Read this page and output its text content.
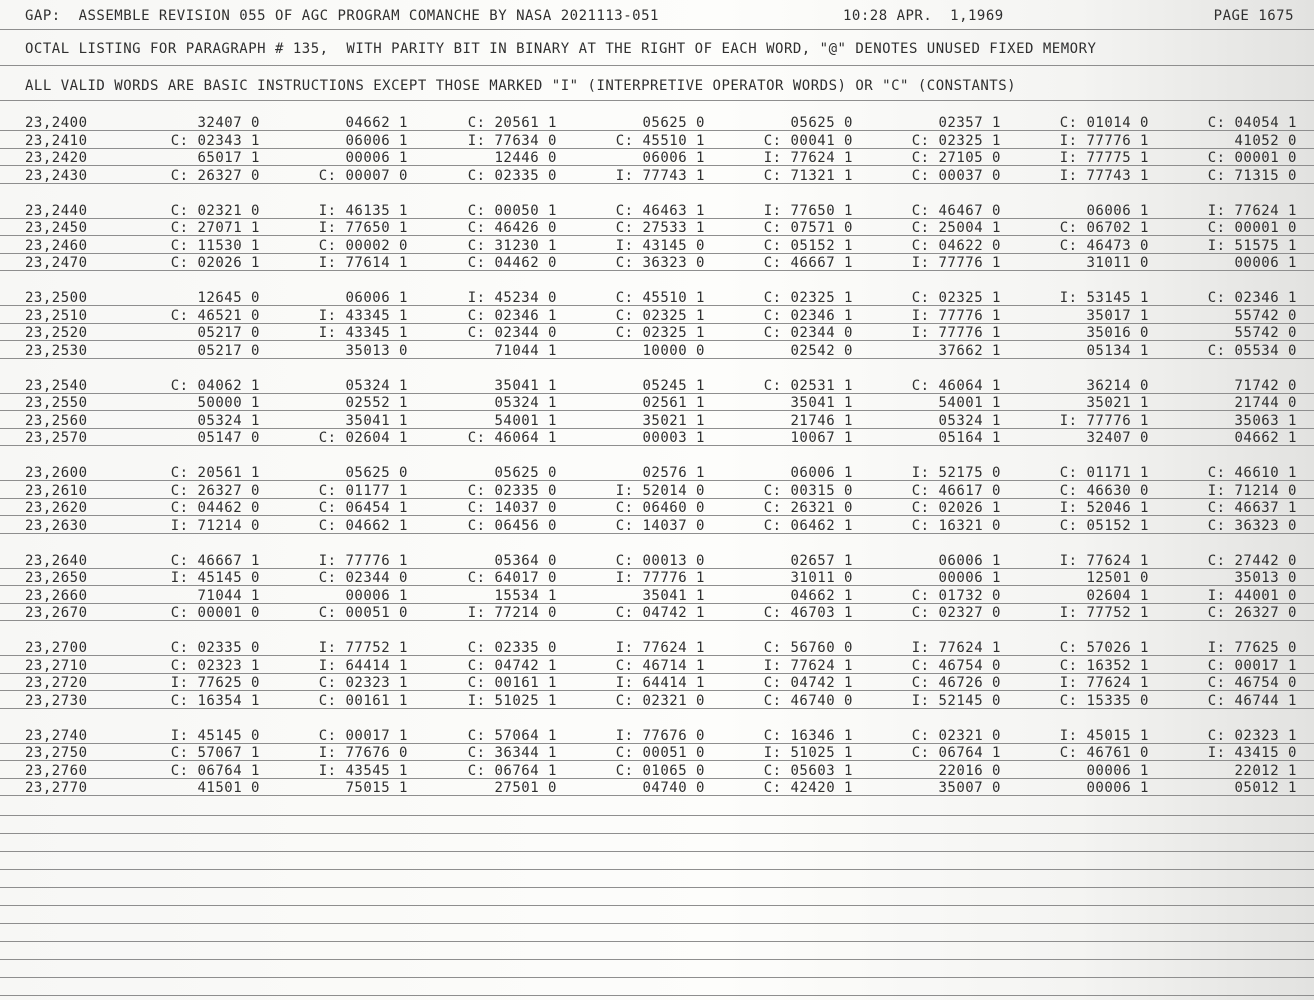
GAP:  ASSEMBLE REVISION 055 OF AGC PROGRAM COMANCHE BY NASA 2021113-051	10:28 APR.  1,1969	PAGE 1675
OCTAL LISTING FOR PARAGRAPH # 135,  WITH PARITY BIT IN BINARY AT THE RIGHT OF EACH WORD, "@" DENOTES UNUSED FIXED MEMORY
ALL VALID WORDS ARE BASIC INSTRUCTIONS EXCEPT THOSE MARKED "I" (INTERPRETIVE OPERATOR WORDS) OR "C" (CONSTANTS)
23,2400	32407 0	04662 1	C: 20561 1	05625 0	05625 0	02357 1	C: 01014 0	C: 04054 1
23,2410	C: 02343 1	06006 1	I: 77634 0	C: 45510 1	C: 00041 0	C: 02325 1	I: 77776 1	41052 0
23,2420	65017 1	00006 1	12446 0	06006 1	I: 77624 1	C: 27105 0	I: 77775 1	C: 00001 0
23,2430	C: 26327 0	C: 00007 0	C: 02335 0	I: 77743 1	C: 71321 1	C: 00037 0	I: 77743 1	C: 71315 0
23,2440	C: 02321 0	I: 46135 1	C: 00050 1	C: 46463 1	I: 77650 1	C: 46467 0	06006 1	I: 77624 1
23,2450	C: 27071 1	I: 77650 1	C: 46426 0	C: 27533 1	C: 07571 0	C: 25004 1	C: 06702 1	C: 00001 0
23,2460	C: 11530 1	C: 00002 0	C: 31230 1	I: 43145 0	C: 05152 1	C: 04622 0	C: 46473 0	I: 51575 1
23,2470	C: 02026 1	I: 77614 1	C: 04462 0	C: 36323 0	C: 46667 1	I: 77776 1	31011 0	00006 1
23,2500	12645 0	06006 1	I: 45234 0	C: 45510 1	C: 02325 1	C: 02325 1	I: 53145 1	C: 02346 1
23,2510	C: 46521 0	I: 43345 1	C: 02346 1	C: 02325 1	C: 02346 1	I: 77776 1	35017 1	55742 0
23,2520	05217 0	I: 43345 1	C: 02344 0	C: 02325 1	C: 02344 0	I: 77776 1	35016 0	55742 0
23,2530	05217 0	35013 0	71044 1	10000 0	02542 0	37662 1	05134 1	C: 05534 0
23,2540	C: 04062 1	05324 1	35041 1	05245 1	C: 02531 1	C: 46064 1	36214 0	71742 0
23,2550	50000 1	02552 1	05324 1	02561 1	35041 1	54001 1	35021 1	21744 0
23,2560	05324 1	35041 1	54001 1	35021 1	21746 1	05324 1	I: 77776 1	35063 1
23,2570	05147 0	C: 02604 1	C: 46064 1	00003 1	10067 1	05164 1	32407 0	04662 1
23,2600	C: 20561 1	05625 0	05625 0	02576 1	06006 1	I: 52175 0	C: 01171 1	C: 46610 1
23,2610	C: 26327 0	C: 01177 1	C: 02335 0	I: 52014 0	C: 00315 0	C: 46617 0	C: 46630 0	I: 71214 0
23,2620	C: 04462 0	C: 06454 1	C: 14037 0	C: 06460 0	C: 26321 0	C: 02026 1	I: 52046 1	C: 46637 1
23,2630	I: 71214 0	C: 04662 1	C: 06456 0	C: 14037 0	C: 06462 1	C: 16321 0	C: 05152 1	C: 36323 0
23,2640	C: 46667 1	I: 77776 1	05364 0	C: 00013 0	02657 1	06006 1	I: 77624 1	C: 27442 0
23,2650	I: 45145 0	C: 02344 0	C: 64017 0	I: 77776 1	31011 0	00006 1	12501 0	35013 0
23,2660	71044 1	00006 1	15534 1	35041 1	04662 1	C: 01732 0	02604 1	I: 44001 0
23,2670	C: 00001 0	C: 00051 0	I: 77214 0	C: 04742 1	C: 46703 1	C: 02327 0	I: 77752 1	C: 26327 0
23,2700	C: 02335 0	I: 77752 1	C: 02335 0	I: 77624 1	C: 56760 0	I: 77624 1	C: 57026 1	I: 77625 0
23,2710	C: 02323 1	I: 64414 1	C: 04742 1	C: 46714 1	I: 77624 1	C: 46754 0	C: 16352 1	C: 00017 1
23,2720	I: 77625 0	C: 02323 1	C: 00161 1	I: 64414 1	C: 04742 1	C: 46726 0	I: 77624 1	C: 46754 0
23,2730	C: 16354 1	C: 00161 1	I: 51025 1	C: 02321 0	C: 46740 0	I: 52145 0	C: 15335 0	C: 46744 1
23,2740	I: 45145 0	C: 00017 1	C: 57064 1	I: 77676 0	C: 16346 1	C: 02321 0	I: 45015 1	C: 02323 1
23,2750	C: 57067 1	I: 77676 0	C: 36344 1	C: 00051 0	I: 51025 1	C: 06764 1	C: 46761 0	I: 43415 0
23,2760	C: 06764 1	I: 43545 1	C: 06764 1	C: 01065 0	C: 05603 1	22016 0	00006 1	22012 1
23,2770	41501 0	75015 1	27501 0	04740 0	C: 42420 1	35007 0	00006 1	05012 1
